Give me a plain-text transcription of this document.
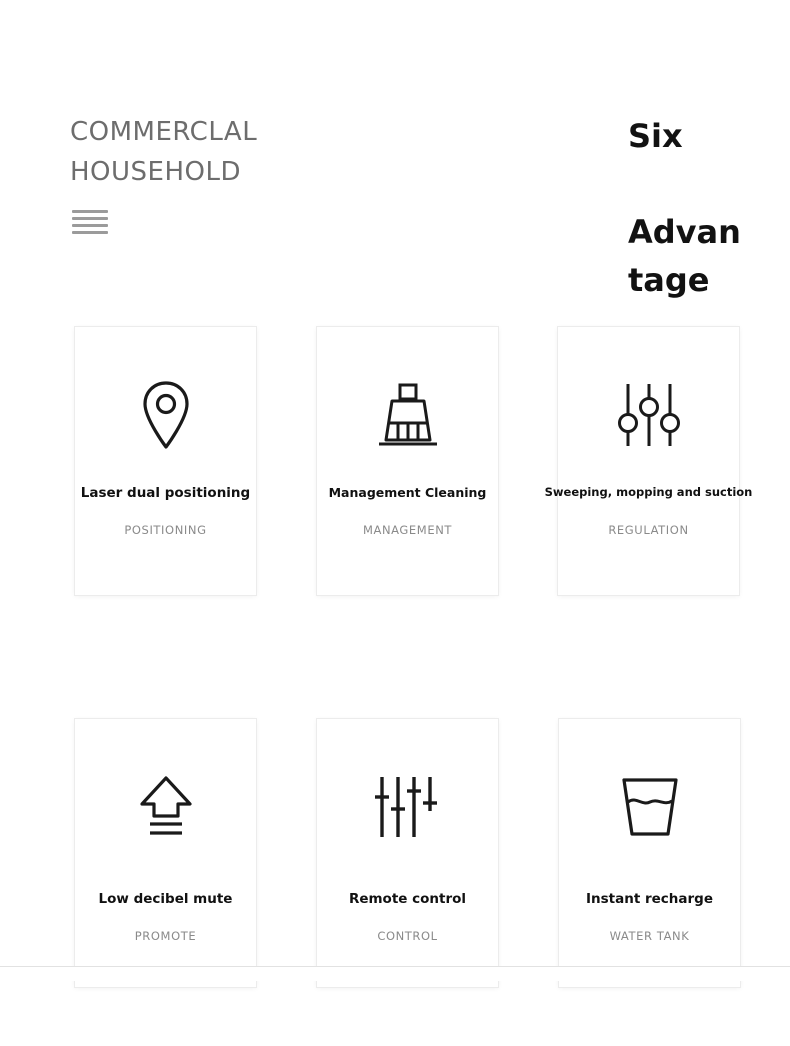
COMMERCLAL
HOUSEHOLD
Six
Advan
tage
Laser dual positioning
POSITIONING
Management Cleaning
MANAGEMENT
Sweeping, mopping and suction
REGULATION
Low decibel mute
PROMOTE
Remote control
CONTROL
Instant recharge
WATER TANK
